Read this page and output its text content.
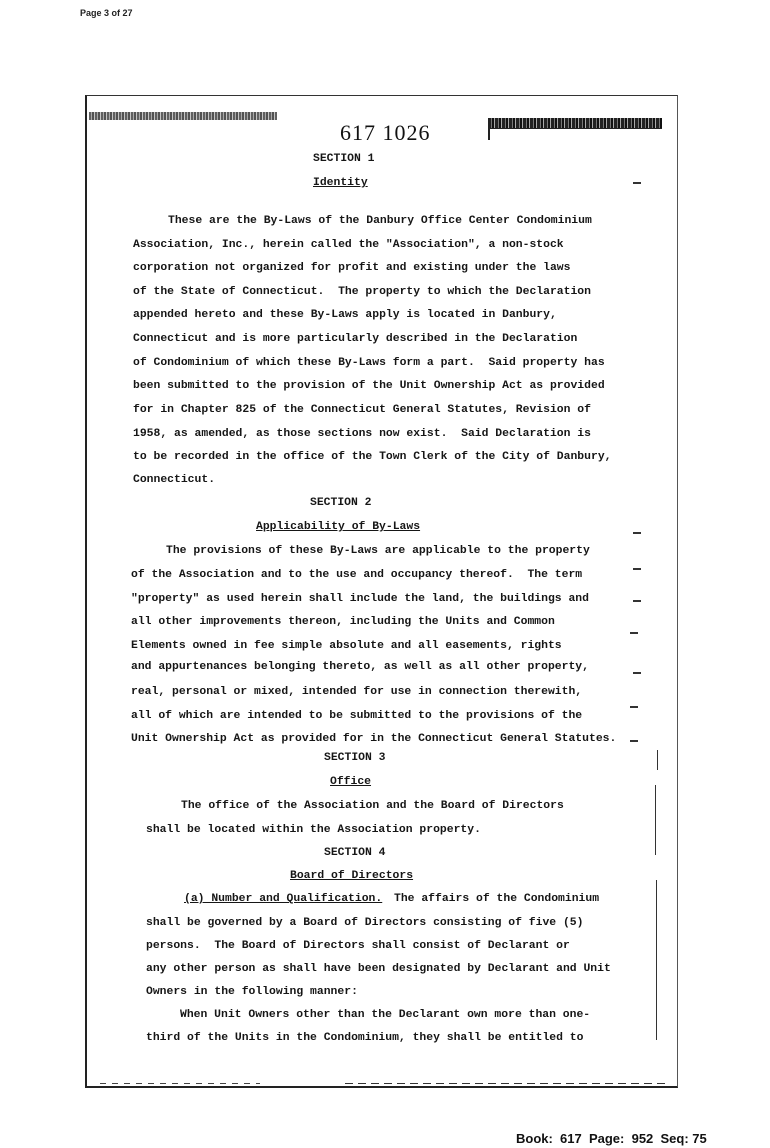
Page 3 of 27
617 1026
SECTION 1
Identity
These are the By-Laws of the Danbury Office Center Condominium
Association, Inc., herein called the "Association", a non-stock
corporation not organized for profit and existing under the laws
of the State of Connecticut.  The property to which the Declaration
appended hereto and these By-Laws apply is located in Danbury,
Connecticut and is more particularly described in the Declaration
of Condominium of which these By-Laws form a part.  Said property has
been submitted to the provision of the Unit Ownership Act as provided
for in Chapter 825 of the Connecticut General Statutes, Revision of
1958, as amended, as those sections now exist.  Said Declaration is
to be recorded in the office of the Town Clerk of the City of Danbury,
Connecticut.
SECTION 2
Applicability of By-Laws
The provisions of these By-Laws are applicable to the property
of the Association and to the use and occupancy thereof.  The term
"property" as used herein shall include the land, the buildings and
all other improvements thereon, including the Units and Common
Elements owned in fee simple absolute and all easements, rights
and appurtenances belonging thereto, as well as all other property,
real, personal or mixed, intended for use in connection therewith,
all of which are intended to be submitted to the provisions of the
Unit Ownership Act as provided for in the Connecticut General Statutes.
SECTION 3
Office
The office of the Association and the Board of Directors
shall be located within the Association property.
SECTION 4
Board of Directors
(a) Number and Qualification. The affairs of the Condominium
shall be governed by a Board of Directors consisting of five (5)
persons.  The Board of Directors shall consist of Declarant or
any other person as shall have been designated by Declarant and Unit
Owners in the following manner:
When Unit Owners other than the Declarant own more than one-
third of the Units in the Condominium, they shall be entitled to
Book:  617  Page:  952  Seq: 75
